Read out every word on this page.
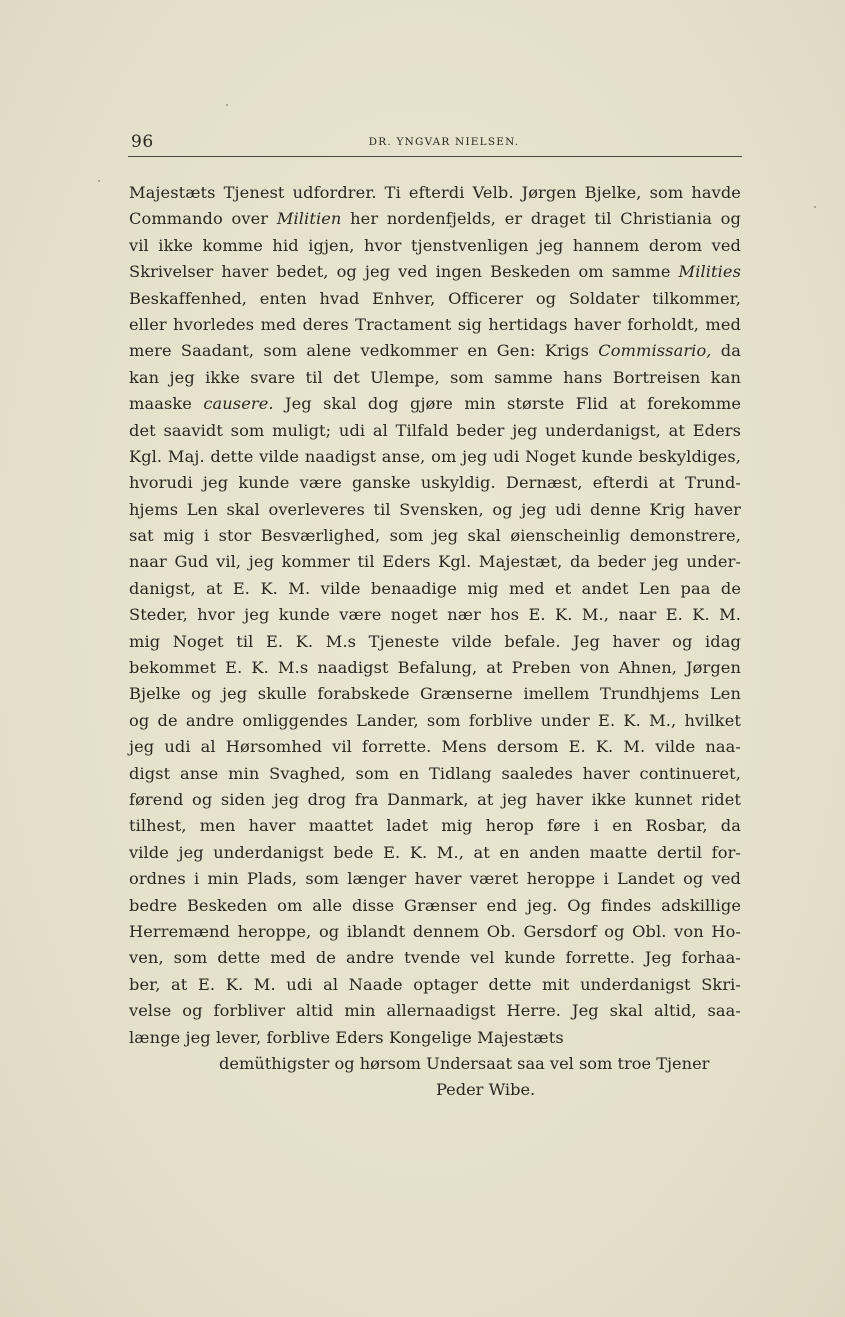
96	DR. YNGVAR NIELSEN.
Majestæts Tjenest udfordrer. Ti efterdi Velb. Jørgen Bjelke, som havde
Commando over Militien her nordenfjelds, er draget til Christiania og
vil ikke komme hid igjen, hvor tjenstvenligen jeg hannem derom ved
Skrivelser haver bedet, og jeg ved ingen Beskeden om samme Milities
Beskaffenhed, enten hvad Enhver, Officerer og Soldater tilkommer,
eller hvorledes med deres Tractament sig hertidags haver forholdt, med
mere Saadant, som alene vedkommer en Gen: Krigs Commissario, da
kan jeg ikke svare til det Ulempe, som samme hans Bortreisen kan
maaske causere. Jeg skal dog gjøre min største Flid at forekomme
det saavidt som muligt; udi al Tilfald beder jeg underdanigst, at Eders
Kgl. Maj. dette vilde naadigst anse, om jeg udi Noget kunde beskyldiges,
hvorudi jeg kunde være ganske uskyldig. Dernæst, efterdi at Trund-
hjems Len skal overleveres til Svensken, og jeg udi denne Krig haver
sat mig i stor Besværlighed, som jeg skal øienscheinlig demonstrere,
naar Gud vil, jeg kommer til Eders Kgl. Majestæt, da beder jeg under-
danigst, at E. K. M. vilde benaadige mig med et andet Len paa de
Steder, hvor jeg kunde være noget nær hos E. K. M., naar E. K. M.
mig Noget til E. K. M.s Tjeneste vilde befale. Jeg haver og idag
bekommet E. K. M.s naadigst Befalung, at Preben von Ahnen, Jørgen
Bjelke og jeg skulle forabskede Grænserne imellem Trundhjems Len
og de andre omliggendes Lander, som forblive under E. K. M., hvilket
jeg udi al Hørsomhed vil forrette. Mens dersom E. K. M. vilde naa-
digst anse min Svaghed, som en Tidlang saaledes haver continueret,
førend og siden jeg drog fra Danmark, at jeg haver ikke kunnet ridet
tilhest, men haver maattet ladet mig herop føre i en Rosbar, da
vilde jeg underdanigst bede E. K. M., at en anden maatte dertil for-
ordnes i min Plads, som længer haver været heroppe i Landet og ved
bedre Beskeden om alle disse Grænser end jeg. Og findes adskillige
Herremænd heroppe, og iblandt dennem Ob. Gersdorf og Obl. von Ho-
ven, som dette med de andre tvende vel kunde forrette. Jeg forhaa-
ber, at E. K. M. udi al Naade optager dette mit underdanigst Skri-
velse og forbliver altid min allernaadigst Herre. Jeg skal altid, saa-
længe jeg lever, forblive Eders Kongelige Majestæts
demüthigster og hørsom Undersaat saa vel som troe Tjener
Peder Wibe.
